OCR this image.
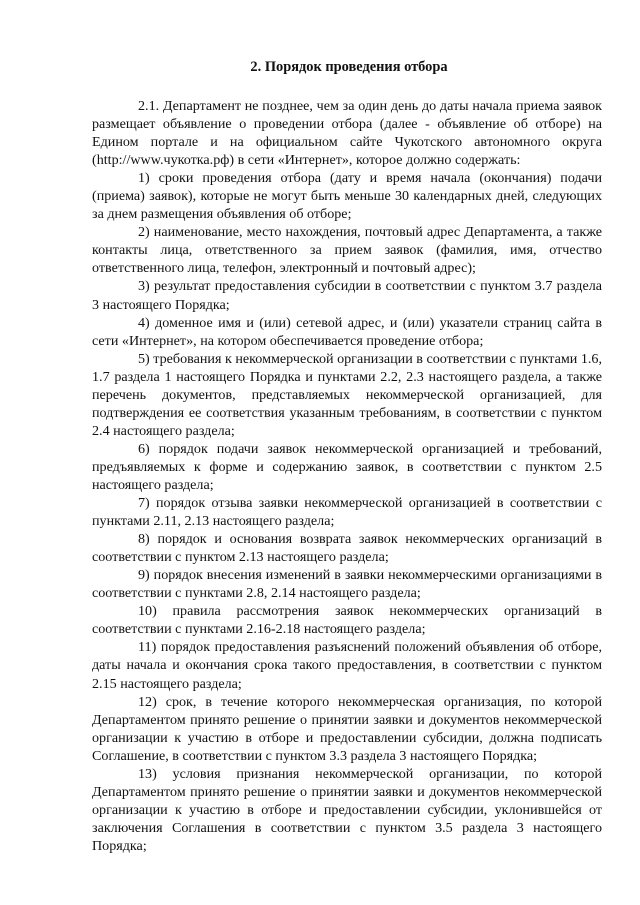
2. Порядок проведения отбора

2.1. Департамент не позднее, чем за один день до даты начала приема заявок размещает объявление о проведении отбора (далее - объявление об отборе) на Едином портале и на официальном сайте Чукотского автономного округа (http://www.чукотка.рф) в сети «Интернет», которое должно содержать:

1) сроки проведения отбора (дату и время начала (окончания) подачи (приема) заявок), которые не могут быть меньше 30 календарных дней, следующих за днем размещения объявления об отборе;

2) наименование, место нахождения, почтовый адрес Департамента, а также контакты лица, ответственного за прием заявок (фамилия, имя, отчество ответственного лица, телефон, электронный и почтовый адрес);

3) результат предоставления субсидии в соответствии с пунктом 3.7 раздела 3 настоящего Порядка;

4) доменное имя и (или) сетевой адрес, и (или) указатели страниц сайта в сети «Интернет», на котором обеспечивается проведение отбора;

5) требования к некоммерческой организации в соответствии с пунктами 1.6, 1.7 раздела 1 настоящего Порядка и пунктами 2.2, 2.3 настоящего раздела, а также перечень документов, представляемых некоммерческой организацией, для подтверждения ее соответствия указанным требованиям, в соответствии с пунктом 2.4 настоящего раздела;

6) порядок подачи заявок некоммерческой организацией и требований, предъявляемых к форме и содержанию заявок, в соответствии с пунктом 2.5 настоящего раздела;

7) порядок отзыва заявки некоммерческой организацией в соответствии с пунктами 2.11, 2.13 настоящего раздела;

8) порядок и основания возврата заявок некоммерческих организаций в соответствии с пунктом 2.13 настоящего раздела;

9) порядок внесения изменений в заявки некоммерческими организациями в соответствии с пунктами 2.8, 2.14 настоящего раздела;

10) правила рассмотрения заявок некоммерческих организаций в соответствии с пунктами 2.16-2.18 настоящего раздела;

11) порядок предоставления разъяснений положений объявления об отборе, даты начала и окончания срока такого предоставления, в соответствии с пунктом 2.15 настоящего раздела;

12) срок, в течение которого некоммерческая организация, по которой Департаментом принято решение о принятии заявки и документов некоммерческой организации к участию в отборе и предоставлении субсидии, должна подписать Соглашение, в соответствии с пунктом 3.3 раздела 3 настоящего Порядка;

13) условия признания некоммерческой организации, по которой Департаментом принято решение о принятии заявки и документов некоммерческой организации к участию в отборе и предоставлении субсидии, уклонившейся от заключения Соглашения в соответствии с пунктом 3.5 раздела 3 настоящего Порядка;
